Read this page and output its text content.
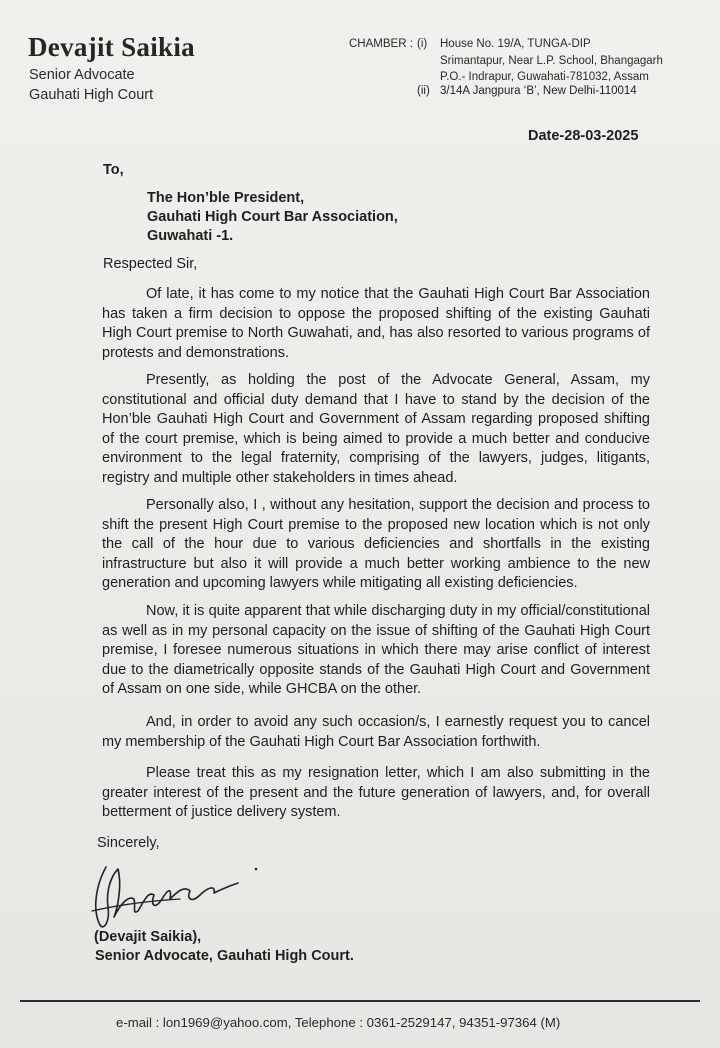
Devajit Saikia
Senior Advocate
Gauhati High Court
CHAMBER : (i) House No. 19/A, TUNGA-DIP
Srimantapur, Near L.P. School, Bhangagarh
P.O.- Indrapur, Guwahati-781032, Assam
(ii) 3/14A Jangpura ‘B’, New Delhi-110014
Date-28-03-2025
To,
The Hon’ble President,
Gauhati High Court Bar Association,
Guwahati -1.
Respected Sir,
Of late, it has come to my notice that the Gauhati High Court Bar Association has taken a firm decision to oppose the proposed shifting of the existing Gauhati High Court premise to North Guwahati, and, has also resorted to various programs of protests and demonstrations.
Presently, as holding the post of the Advocate General, Assam, my constitutional and official duty demand that I have to stand by the decision of the Hon’ble Gauhati High Court and Government of Assam regarding proposed shifting of the court premise, which is being aimed to provide a much better and conducive environment to the legal fraternity, comprising of the lawyers, judges, litigants, registry and multiple other stakeholders in times ahead.
Personally also, I , without any hesitation, support the decision and process to shift the present High Court premise to the proposed new location which is not only the call of the hour due to various deficiencies and shortfalls in the existing infrastructure but also it will provide a much better working ambience to the new generation and upcoming lawyers while mitigating all existing deficiencies.
Now, it is quite apparent that while discharging duty in my official/constitutional as well as in my personal capacity on the issue of shifting of the Gauhati High Court premise, I foresee numerous situations in which there may arise conflict of interest due to the diametrically opposite stands of the Gauhati High Court and Government of Assam on one side, while GHCBA on the other.
And, in order to avoid any such occasion/s, I earnestly request you to cancel my membership of the Gauhati High Court Bar Association forthwith.
Please treat this as my resignation letter, which I am also submitting in the greater interest of the present and the future generation of lawyers, and, for overall betterment of justice delivery system.
Sincerely,
(Devajit Saikia),
Senior Advocate, Gauhati High Court.
e-mail : lon1969@yahoo.com, Telephone : 0361-2529147, 94351-97364 (M)
